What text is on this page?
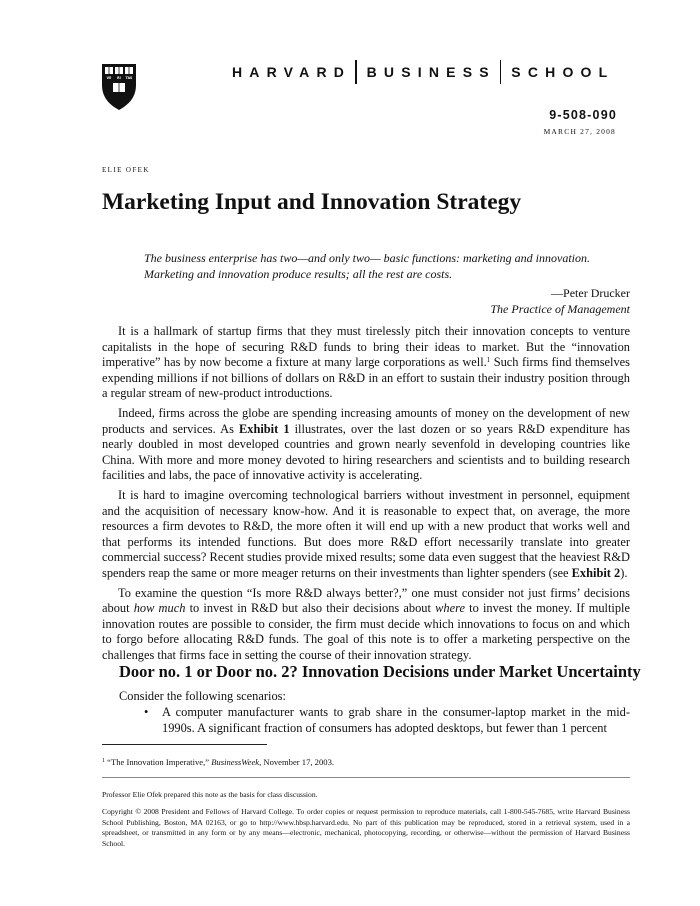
VE RI TAS	HARVARD BUSINESS SCHOOL
9-508-090
MARCH 27, 2008
ELIE OFEK
Marketing Input and Innovation Strategy

The business enterprise has two—and only two— basic functions: marketing and innovation.

Marketing and innovation produce results; all the rest are costs.

—Peter Drucker
The Practice of Management

It is a hallmark of startup firms that they must tirelessly pitch their innovation concepts to venture capitalists in the hope of securing R&D funds to bring their ideas to market. But the “innovation imperative” has by now become a fixture at many large corporations as well.$^1$ Such firms find themselves expending millions if not billions of dollars on R&D in an effort to sustain their industry position through a regular stream of new-product introductions.

Indeed, firms across the globe are spending increasing amounts of money on the development of new products and services. As Exhibit 1 illustrates, over the last dozen or so years R&D expenditure has nearly doubled in most developed countries and grown nearly sevenfold in developing countries like China. With more and more money devoted to hiring researchers and scientists and to building research facilities and labs, the pace of innovative activity is accelerating.

It is hard to imagine overcoming technological barriers without investment in personnel, equipment and the acquisition of necessary know-how. And it is reasonable to expect that, on average, the more resources a firm devotes to R&D, the more often it will end up with a new product that works well and that performs its intended functions. But does more R&D effort necessarily translate into greater commercial success? Recent studies provide mixed results; some data even suggest that the heaviest R&D spenders reap the same or more meager returns on their investments than lighter spenders (see Exhibit 2).

To examine the question “Is more R&D always better?,” one must consider not just firms’ decisions about how much to invest in R&D but also their decisions about where to invest the money. If multiple innovation routes are possible to consider, the firm must decide which innovations to focus on and which to forgo before allocating R&D funds. The goal of this note is to offer a marketing perspective on the challenges that firms face in setting the course of their innovation strategy.

Door no. 1 or Door no. 2? Innovation Decisions under Market Uncertainty
Consider the following scenarios:
• A computer manufacturer wants to grab share in the consumer-laptop market in the mid-1990s. A significant fraction of consumers has adopted desktops, but fewer than 1 percent
$^1$ “The Innovation Imperative,” BusinessWeek, November 17, 2003.
Professor Elie Ofek prepared this note as the basis for class discussion.
Copyright © 2008 President and Fellows of Harvard College. To order copies or request permission to reproduce materials, call 1-800-545-7685, write Harvard Business School Publishing, Boston, MA 02163, or go to http://www.hbsp.harvard.edu. No part of this publication may be reproduced, stored in a retrieval system, used in a spreadsheet, or transmitted in any form or by any means—electronic, mechanical, photocopying, recording, or otherwise—without the permission of Harvard Business School.
